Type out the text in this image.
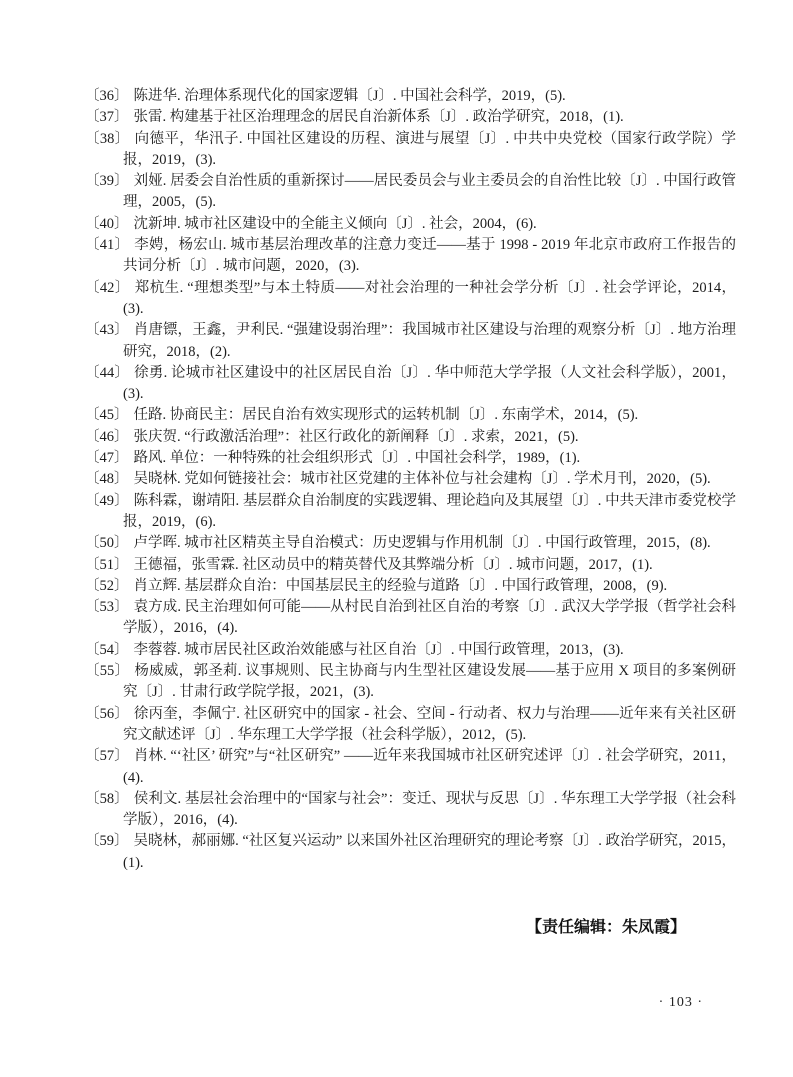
〔36〕 陈进华. 治理体系现代化的国家逻辑〔J〕. 中国社会科学，2019，(5).
〔37〕 张雷. 构建基于社区治理理念的居民自治新体系〔J〕. 政治学研究，2018，(1).
〔38〕 向德平，华汛子. 中国社区建设的历程、演进与展望〔J〕. 中共中央党校（国家行政学院）学报，2019，(3).
〔39〕 刘娅. 居委会自治性质的重新探讨——居民委员会与业主委员会的自治性比较〔J〕. 中国行政管理，2005，(5).
〔40〕 沈新坤. 城市社区建设中的全能主义倾向〔J〕. 社会，2004，(6).
〔41〕 李娉，杨宏山. 城市基层治理改革的注意力变迁——基于 1998 - 2019 年北京市政府工作报告的共词分析〔J〕. 城市问题，2020，(3).
〔42〕 郑杭生. “理想类型”与本土特质——对社会治理的一种社会学分析〔J〕. 社会学评论，2014，(3).
〔43〕 肖唐镖，王鑫，尹利民. “强建设弱治理”：我国城市社区建设与治理的观察分析〔J〕. 地方治理研究，2018，(2).
〔44〕 徐勇. 论城市社区建设中的社区居民自治〔J〕. 华中师范大学学报（人文社会科学版），2001，(3).
〔45〕 任路. 协商民主：居民自治有效实现形式的运转机制〔J〕. 东南学术，2014，(5).
〔46〕 张庆贺. “行政激活治理”：社区行政化的新阐释〔J〕. 求索，2021，(5).
〔47〕 路风. 单位：一种特殊的社会组织形式〔J〕. 中国社会科学，1989，(1).
〔48〕 吴晓林. 党如何链接社会：城市社区党建的主体补位与社会建构〔J〕. 学术月刊，2020，(5).
〔49〕 陈科霖，谢靖阳. 基层群众自治制度的实践逻辑、理论趋向及其展望〔J〕. 中共天津市委党校学报，2019，(6).
〔50〕 卢学晖. 城市社区精英主导自治模式：历史逻辑与作用机制〔J〕. 中国行政管理，2015，(8).
〔51〕 王德福，张雪霖. 社区动员中的精英替代及其弊端分析〔J〕. 城市问题，2017，(1).
〔52〕 肖立辉. 基层群众自治：中国基层民主的经验与道路〔J〕. 中国行政管理，2008，(9).
〔53〕 袁方成. 民主治理如何可能——从村民自治到社区自治的考察〔J〕. 武汉大学学报（哲学社会科学版），2016，(4).
〔54〕 李蓉蓉. 城市居民社区政治效能感与社区自治〔J〕. 中国行政管理，2013，(3).
〔55〕 杨威威，郭圣莉. 议事规则、民主协商与内生型社区建设发展——基于应用 X 项目的多案例研究〔J〕. 甘肃行政学院学报，2021，(3).
〔56〕 徐丙奎，李佩宁. 社区研究中的国家 - 社会、空间 - 行动者、权力与治理——近年来有关社区研究文献述评〔J〕. 华东理工大学学报（社会科学版），2012，(5).
〔57〕 肖林. “‘社区’ 研究”与“社区研究” ——近年来我国城市社区研究述评〔J〕. 社会学研究，2011，(4).
〔58〕 侯利文. 基层社会治理中的“国家与社会”：变迁、现状与反思〔J〕. 华东理工大学学报（社会科学版），2016，(4).
〔59〕 吴晓林，郝丽娜. “社区复兴运动” 以来国外社区治理研究的理论考察〔J〕. 政治学研究，2015，(1).
【责任编辑：朱凤霞】
· 103 ·
